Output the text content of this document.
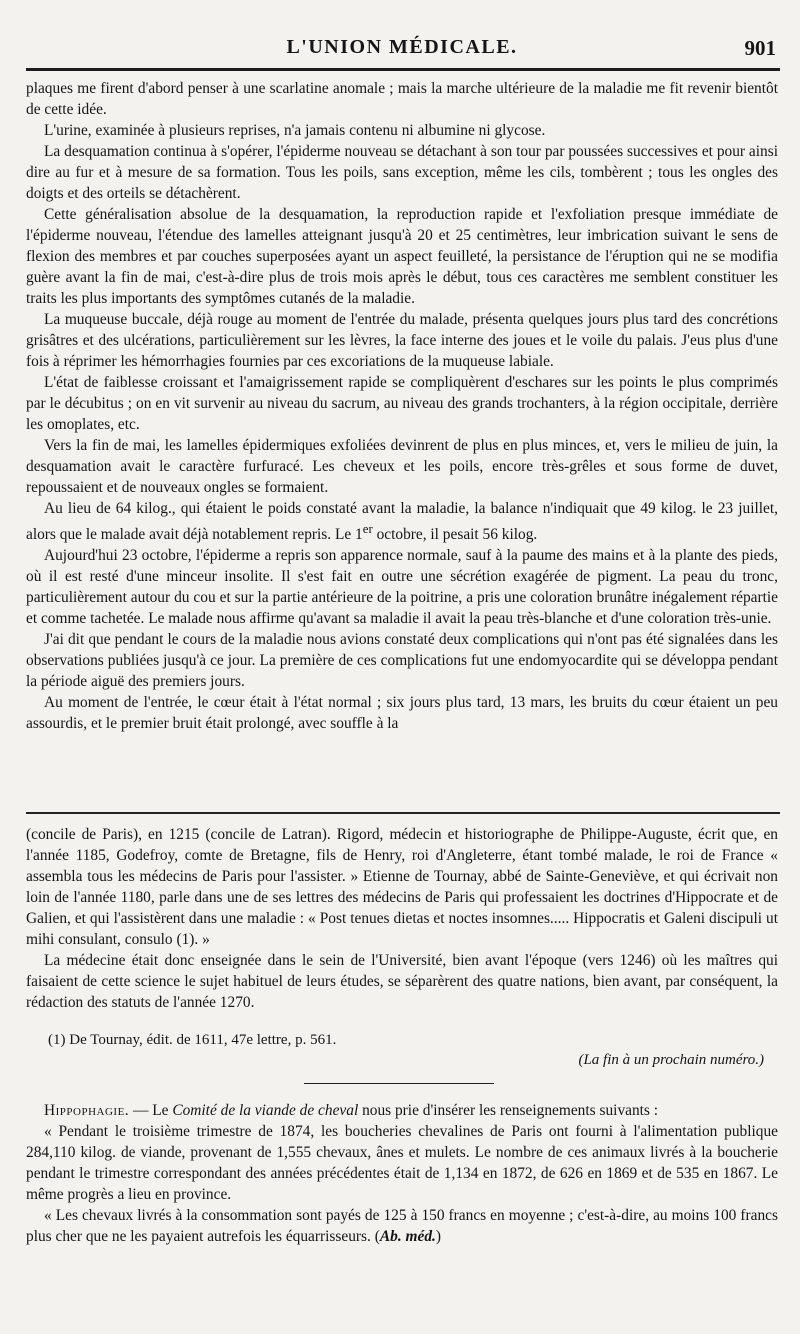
L'UNION MÉDICALE.	901

plaques me firent d'abord penser à une scarlatine anomale ; mais la marche ultérieure de la maladie me fit revenir bientôt de cette idée.

L'urine, examinée à plusieurs reprises, n'a jamais contenu ni albumine ni glycose.

La desquamation continua à s'opérer, l'épiderme nouveau se détachant à son tour par poussées successives et pour ainsi dire au fur et à mesure de sa formation. Tous les poils, sans exception, même les cils, tombèrent ; tous les ongles des doigts et des orteils se détachèrent.

Cette généralisation absolue de la desquamation, la reproduction rapide et l'exfoliation presque immédiate de l'épiderme nouveau, l'étendue des lamelles atteignant jusqu'à 20 et 25 centimètres, leur imbrication suivant le sens de flexion des membres et par couches superposées ayant un aspect feuilleté, la persistance de l'éruption qui ne se modifia guère avant la fin de mai, c'est-à-dire plus de trois mois après le début, tous ces caractères me semblent constituer les traits les plus importants des symptômes cutanés de la maladie.

La muqueuse buccale, déjà rouge au moment de l'entrée du malade, présenta quelques jours plus tard des concrétions grisâtres et des ulcérations, particulièrement sur les lèvres, la face interne des joues et le voile du palais. J'eus plus d'une fois à réprimer les hémorrhagies fournies par ces excoriations de la muqueuse labiale.

L'état de faiblesse croissant et l'amaigrissement rapide se compliquèrent d'eschares sur les points le plus comprimés par le décubitus ; on en vit survenir au niveau du sacrum, au niveau des grands trochanters, à la région occipitale, derrière les omoplates, etc.

Vers la fin de mai, les lamelles épidermiques exfoliées devinrent de plus en plus minces, et, vers le milieu de juin, la desquamation avait le caractère furfuracé. Les cheveux et les poils, encore très-grêles et sous forme de duvet, repoussaient et de nouveaux ongles se formaient.

Au lieu de 64 kilog., qui étaient le poids constaté avant la maladie, la balance n'indiquait que 49 kilog. le 23 juillet, alors que le malade avait déjà notablement repris. Le 1er octobre, il pesait 56 kilog.

Aujourd'hui 23 octobre, l'épiderme a repris son apparence normale, sauf à la paume des mains et à la plante des pieds, où il est resté d'une minceur insolite. Il s'est fait en outre une sécrétion exagérée de pigment. La peau du tronc, particulièrement autour du cou et sur la partie antérieure de la poitrine, a pris une coloration brunâtre inégalement répartie et comme tachetée. Le malade nous affirme qu'avant sa maladie il avait la peau très-blanche et d'une coloration très-unie.

J'ai dit que pendant le cours de la maladie nous avions constaté deux complications qui n'ont pas été signalées dans les observations publiées jusqu'à ce jour. La première de ces complications fut une endomyocardite qui se développa pendant la période aiguë des premiers jours.

Au moment de l'entrée, le cœur était à l'état normal ; six jours plus tard, 13 mars, les bruits du cœur étaient un peu assourdis, et le premier bruit était prolongé, avec souffle à la

(concile de Paris), en 1215 (concile de Latran). Rigord, médecin et historiographe de Philippe-Auguste, écrit que, en l'année 1185, Godefroy, comte de Bretagne, fils de Henry, roi d'Angleterre, étant tombé malade, le roi de France « assembla tous les médecins de Paris pour l'assister. » Etienne de Tournay, abbé de Sainte-Geneviève, et qui écrivait non loin de l'année 1180, parle dans une de ses lettres des médecins de Paris qui professaient les doctrines d'Hippocrate et de Galien, et qui l'assistèrent dans une maladie : « Post tenues dietas et noctes insomnes..... Hippocratis et Galeni discipuli ut mihi consulant, consulo (1). »

La médecine était donc enseignée dans le sein de l'Université, bien avant l'époque (vers 1246) où les maîtres qui faisaient de cette science le sujet habituel de leurs études, se séparèrent des quatre nations, bien avant, par conséquent, la rédaction des statuts de l'année 1270.

(1) De Tournay, édit. de 1611, 47e lettre, p. 561.
(La fin à un prochain numéro.)

Hippophagie. — Le Comité de la viande de cheval nous prie d'insérer les renseignements suivants :

« Pendant le troisième trimestre de 1874, les boucheries chevalines de Paris ont fourni à l'alimentation publique 284,110 kilog. de viande, provenant de 1,555 chevaux, ânes et mulets. Le nombre de ces animaux livrés à la boucherie pendant le trimestre correspondant des années précédentes était de 1,134 en 1872, de 626 en 1869 et de 535 en 1867. Le même progrès a lieu en province.

« Les chevaux livrés à la consommation sont payés de 125 à 150 francs en moyenne ; c'est-à-dire, au moins 100 francs plus cher que ne les payaient autrefois les équarrisseurs. (Ab. méd.)
